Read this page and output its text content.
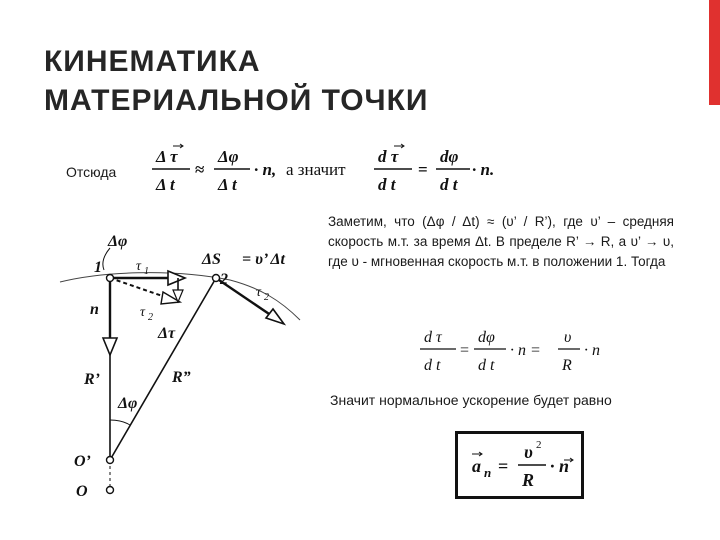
КИНЕМАТИКА
МАТЕРИАЛЬНОЙ ТОЧКИ
Отсюда
Δ τ
Δ t
≈
Δφ
Δ t
· n, а значит
d τ
d t
=
dφ
d t
· n.
Заметим, что (Δφ / Δt) ≈ (υ’ / R’), где υ’ – средняя скорость м.т. за время Δt. В пределе R’ → R, а υ’ → υ, где υ - мгновенная скорость м.т. в положении 1. Тогда
d τ
d t
=
dφ
d t
· n =
υ
R
· n
Значит нормальное ускорение будет равно
a n =
υ 2
R
· n
Δφ
1 τ 1
n	τ 2
ΔS = υ’ Δt
2
τ 2
Δτ
R’	R”
Δφ
O’
O
